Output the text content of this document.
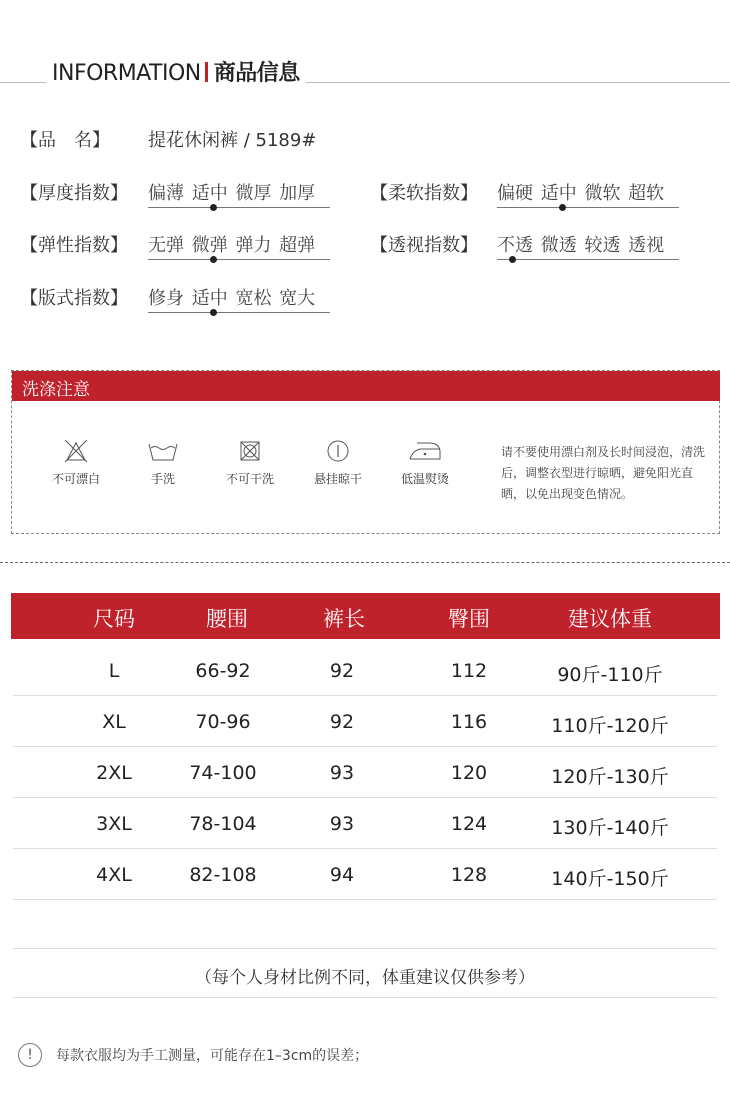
INFORMATION 商品信息
【品　名】 提花休闲裤 / 5189#
【厚度指数】 偏薄 适中 微厚 加厚	【柔软指数】 偏硬 适中 微软 超软
【弹性指数】 无弹 微弹 弹力 超弹	【透视指数】 不透 微透 较透 透视
【版式指数】 修身 适中 宽松 宽大
洗涤注意
不可漂白	手洗	不可干洗	悬挂晾干	低温熨烫
请不要使用漂白剂及长时间浸泡，清洗后，调整衣型进行晾晒，避免阳光直晒，以免出现变色情况。
尺码	腰围	裤长	臀围	建议体重
L	66-92	92	112	90斤-110斤
XL	70-96	92	116	110斤-120斤
2XL	74-100	93	120	120斤-130斤
3XL	78-104	93	124	130斤-140斤
4XL	82-108	94	128	140斤-150斤
（每个人身材比例不同，体重建议仅供参考）
!	每款衣服均为手工测量，可能存在1–3cm的误差；
